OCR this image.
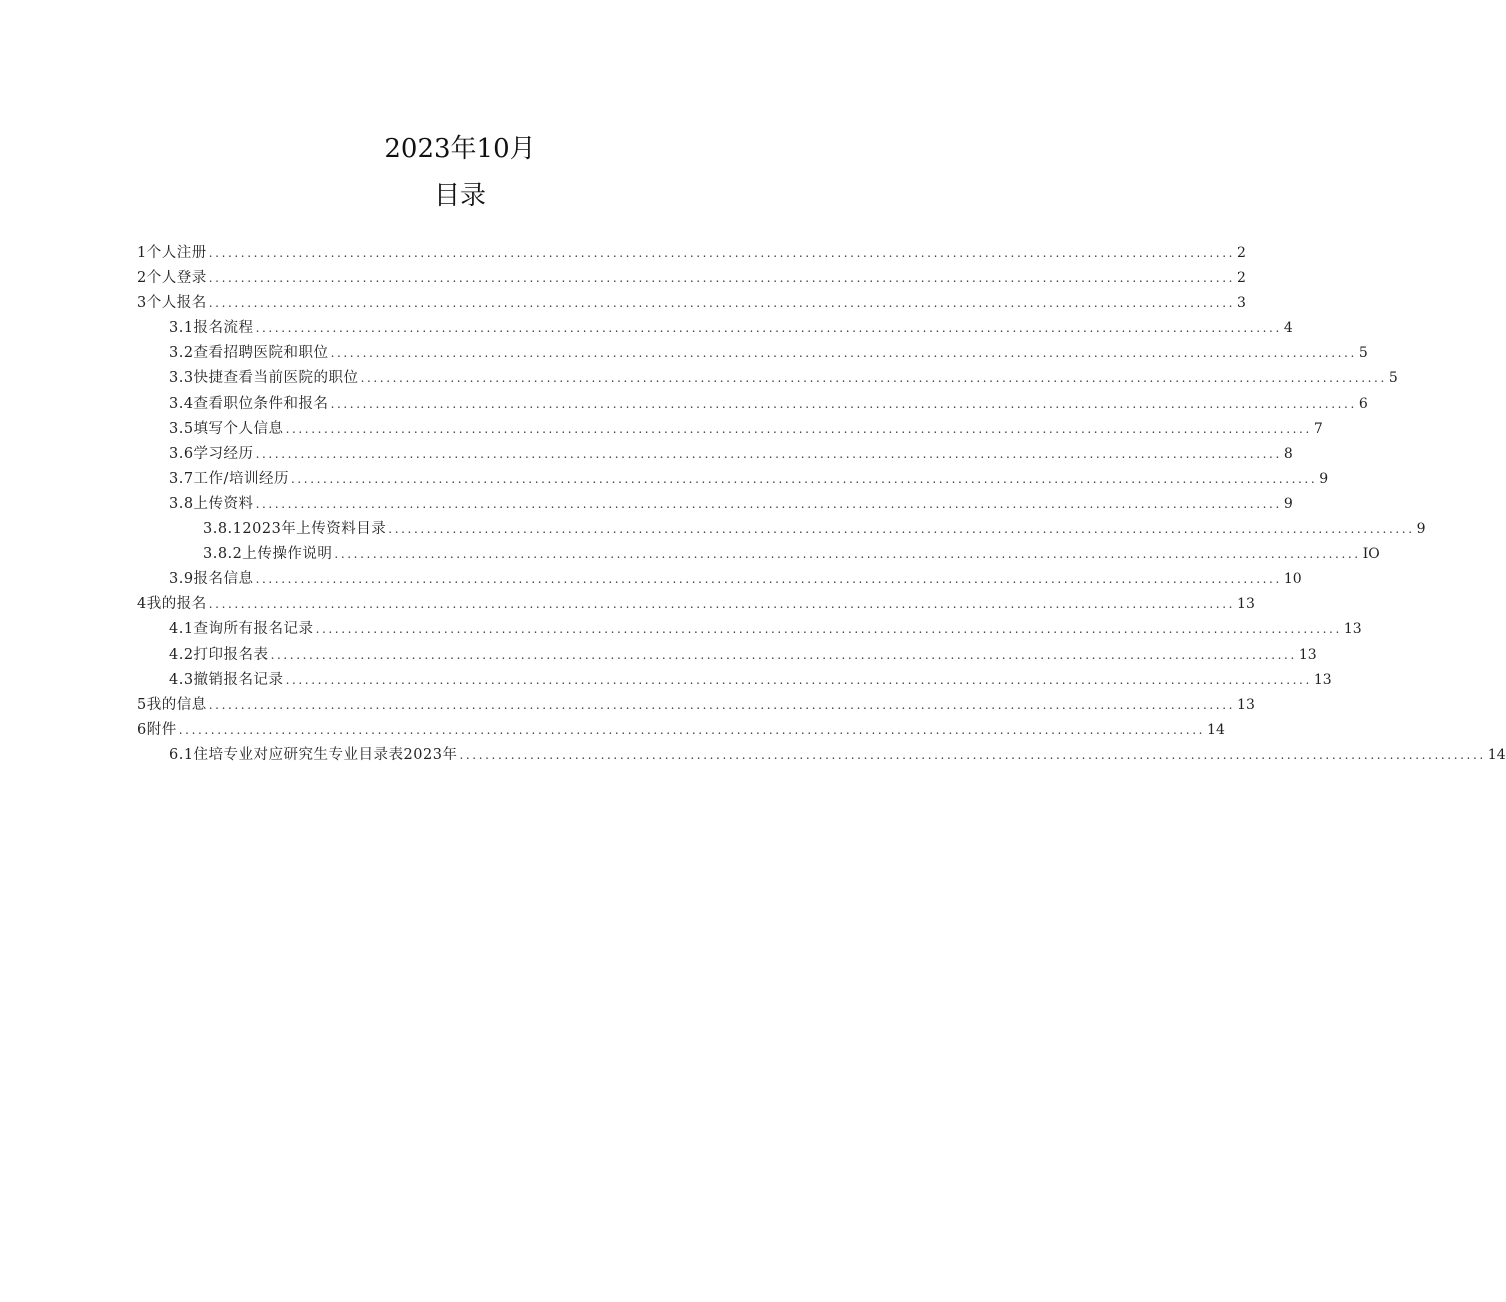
2023年10月
目录
1个人注册 ................................................................................................................................................................ 2
2个人登录 ................................................................................................................................................................ 2
3个人报名 ................................................................................................................................................................ 3
3.1报名流程 ................................................................................................................................................................ 4
3.2查看招聘医院和职位 ................................................................................................................................................................ 5
3.3快捷查看当前医院的职位 ................................................................................................................................................................ 5
3.4查看职位条件和报名 ................................................................................................................................................................ 6
3.5填写个人信息 ................................................................................................................................................................ 7
3.6学习经历 ................................................................................................................................................................ 8
3.7工作/培训经历 ................................................................................................................................................................ 9
3.8上传资料 ................................................................................................................................................................ 9
3.8.12023年上传资料目录 ................................................................................................................................................................ 9
3.8.2上传操作说明 ................................................................................................................................................................ IO
3.9报名信息 ................................................................................................................................................................ 10
4我的报名 ................................................................................................................................................................ 13
4.1查询所有报名记录 ................................................................................................................................................................ 13
4.2打印报名表 ................................................................................................................................................................ 13
4.3撤销报名记录 ................................................................................................................................................................ 13
5我的信息 ................................................................................................................................................................ 13
6附件 ................................................................................................................................................................ 14
6.1住培专业对应研究生专业目录表2023年 ................................................................................................................................................................ 14
